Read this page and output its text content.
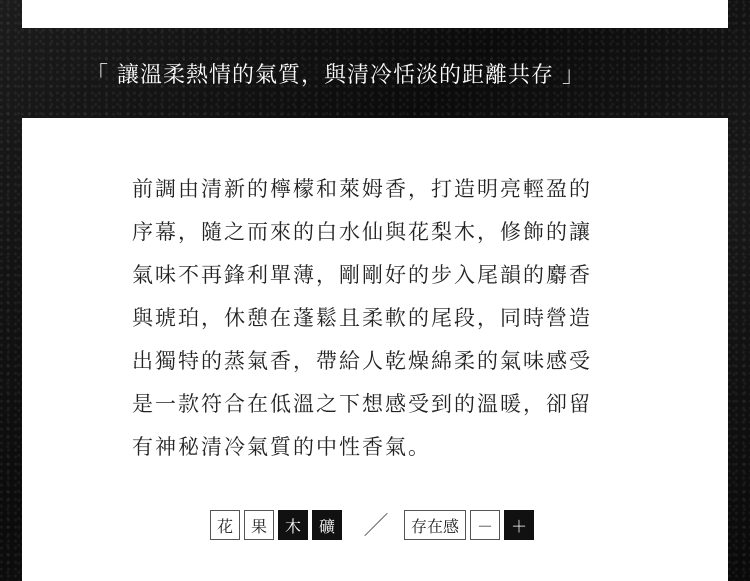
「 讓溫柔熱情的氣質，與清冷恬淡的距離共存 」

前調由清新的檸檬和萊姆香，打造明亮輕盈的
序幕，隨之而來的白水仙與花梨木，修飾的讓
氣味不再鋒利單薄，剛剛好的步入尾韻的麝香
與琥珀，休憩在蓬鬆且柔軟的尾段，同時營造
出獨特的蒸氣香，帶給人乾燥綿柔的氣味感受
是一款符合在低溫之下想感受到的溫暖，卻留
有神秘清冷氣質的中性香氣。

花	果	木	礦	存在感	－	＋
